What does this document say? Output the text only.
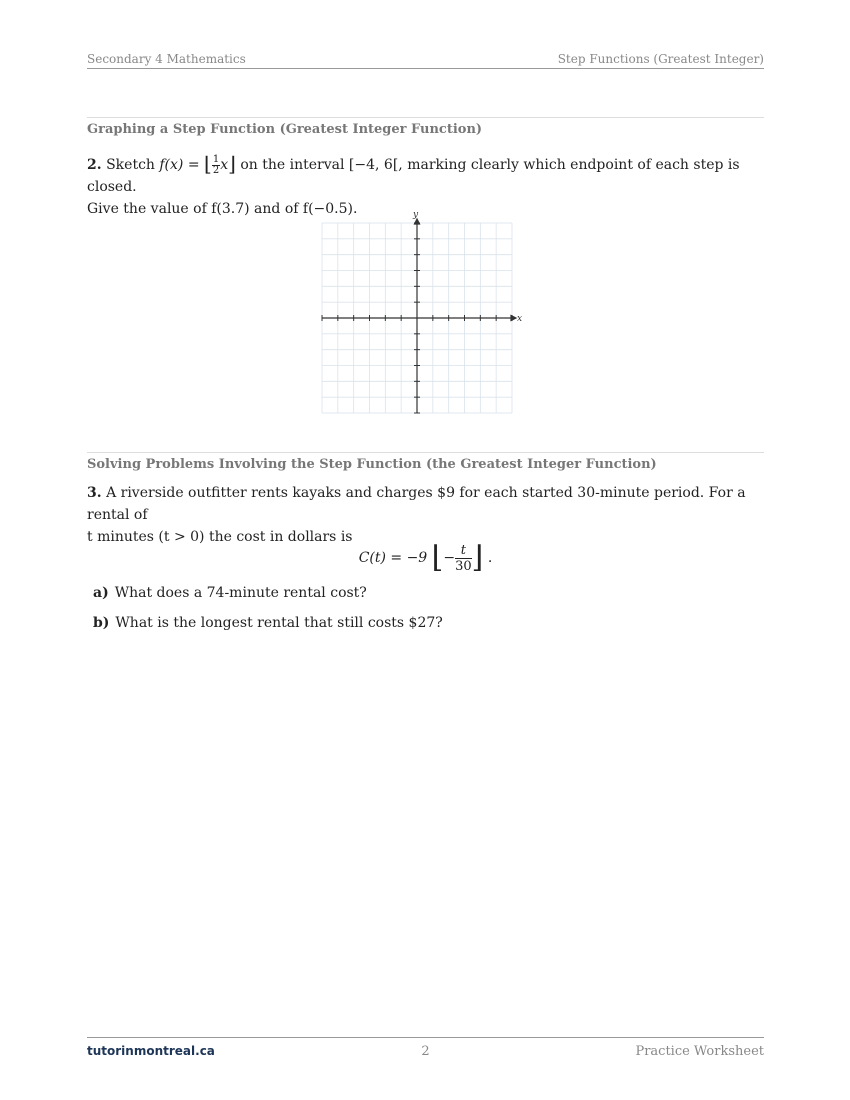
Secondary 4 Mathematics	Step Functions (Greatest Integer)
Graphing a Step Function (Greatest Integer Function)
2. Sketch f(x) = ⌊ $\frac{1}{2}$ x⌋ on the interval [−4, 6[, marking clearly which endpoint of each step is closed.
Give the value of f(3.7) and of f(−0.5).
x
y
Solving Problems Involving the Step Function (the Greatest Integer Function)
3. A riverside outfitter rents kayaks and charges $9 for each started 30-minute period. For a rental of
t minutes (t > 0) the cost in dollars is
C(t) = −9 ⌊− $\frac{t}{30}$ ⌋ .
a) What does a 74-minute rental cost?
b) What is the longest rental that still costs $27?
tutorinmontreal.ca	2	Practice Worksheet
